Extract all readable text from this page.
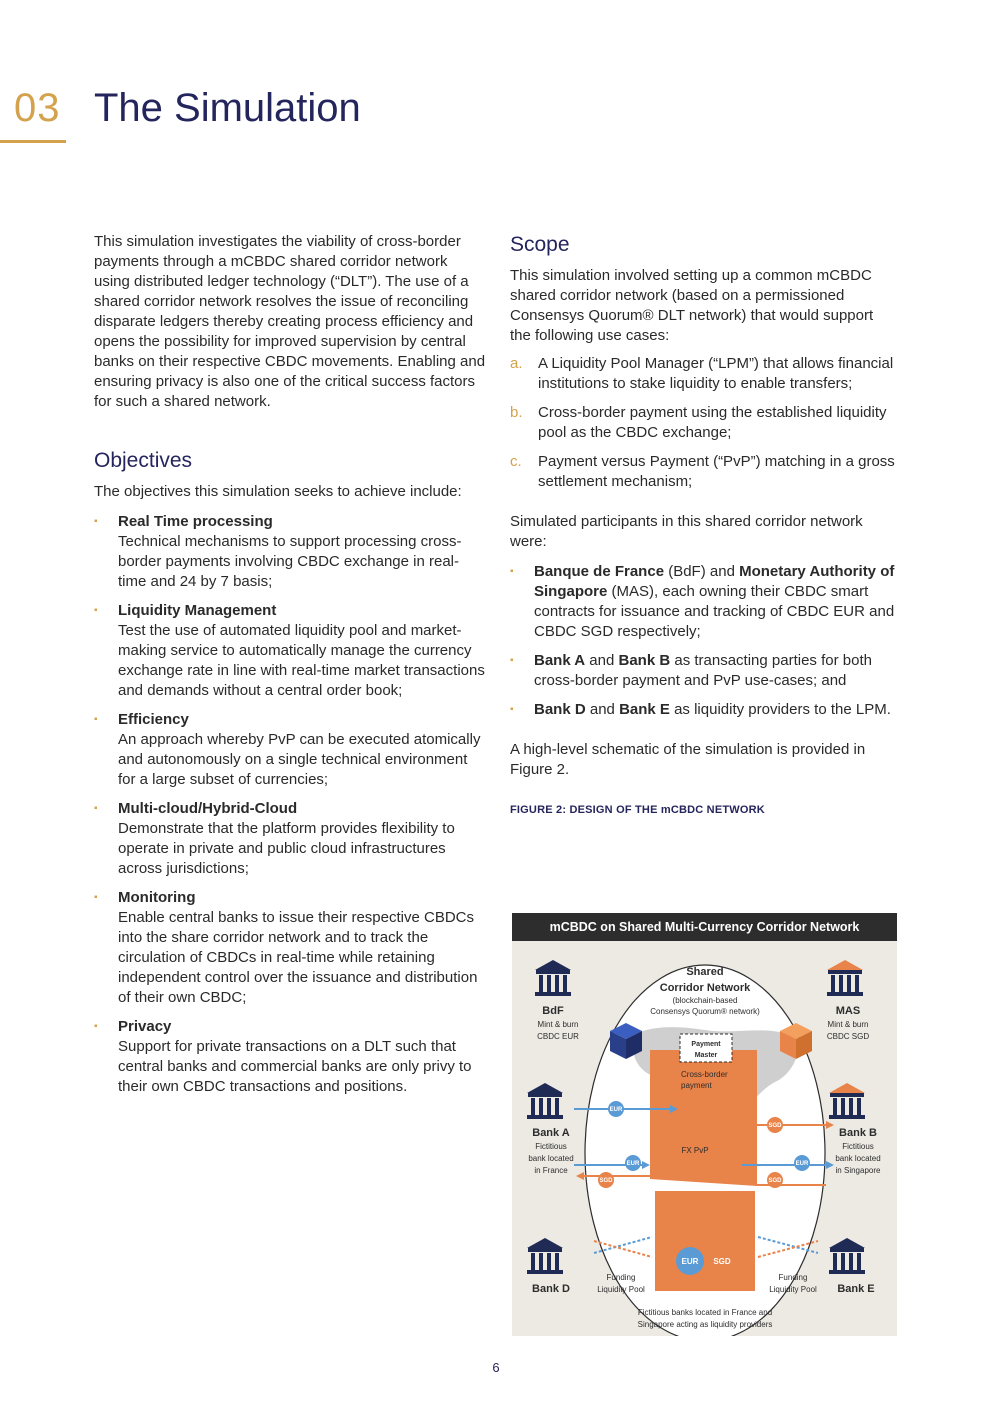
03 The Simulation

This simulation investigates the viability of cross-border payments through a mCBDC shared corridor network using distributed ledger technology (“DLT”). The use of a shared corridor network resolves the issue of reconciling disparate ledgers thereby creating process efficiency and opens the possibility for improved supervision by central banks on their respective CBDC movements. Enabling and ensuring privacy is also one of the critical success factors for such a shared network.

Objectives

The objectives this simulation seeks to achieve include:

▪ Real Time processing
Technical mechanisms to support processing cross-border payments involving CBDC exchange in real-time and 24 by 7 basis;
▪ Liquidity Management
Test the use of automated liquidity pool and market-making service to automatically manage the currency exchange rate in line with real-time market transactions and demands without a central order book;
▪ Efficiency
An approach whereby PvP can be executed atomically and autonomously on a single technical environment for a large subset of currencies;
▪ Multi-cloud/Hybrid-Cloud
Demonstrate that the platform provides flexibility to operate in private and public cloud infrastructures across jurisdictions;
▪ Monitoring
Enable central banks to issue their respective CBDCs into the share corridor network and to track the circulation of CBDCs in real-time while retaining independent control over the issuance and distribution of their own CBDC;
▪ Privacy
Support for private transactions on a DLT such that central banks and commercial banks are only privy to their own CBDC transactions and positions.
Scope

This simulation involved setting up a common mCBDC shared corridor network (based on a permissioned Consensys Quorum® DLT network) that would support the following use cases:

a. A Liquidity Pool Manager (“LPM”) that allows financial institutions to stake liquidity to enable transfers;
b. Cross-border payment using the established liquidity pool as the CBDC exchange;
c. Payment versus Payment (“PvP”) matching in a gross settlement mechanism;

Simulated participants in this shared corridor network were:

▪ Banque de France (BdF) and Monetary Authority of Singapore (MAS), each owning their CBDC smart contracts for issuance and tracking of CBDC EUR and CBDC SGD respectively;
▪ Bank A and Bank B as transacting parties for both cross-border payment and PvP use-cases; and
▪ Bank D and Bank E as liquidity providers to the LPM.

A high-level schematic of the simulation is provided in Figure 2.

FIGURE 2: DESIGN OF THE mCBDC NETWORK
mCBDC on Shared Multi-Currency Corridor Network
EUR
SGD
EUR
SGD
EUR
SGD
EUR SGD
Shared
Corridor Network
(blockchain-based
Consensys Quorum® network)
Payment
Master
FX PvP
BdF
Mint & burn
CBDC EUR
MAS
Mint & burn
CBDC SGD
Bank A
Fictitious
bank located
in France
Bank B
Fictitious
bank located
in Singapore
Bank D	Bank E
Funding
Liquidity Pool
Funding
Liquidity Pool
Fictitious banks located in France and
Singapore acting as liquidity providers
Cross-border
payment
6
